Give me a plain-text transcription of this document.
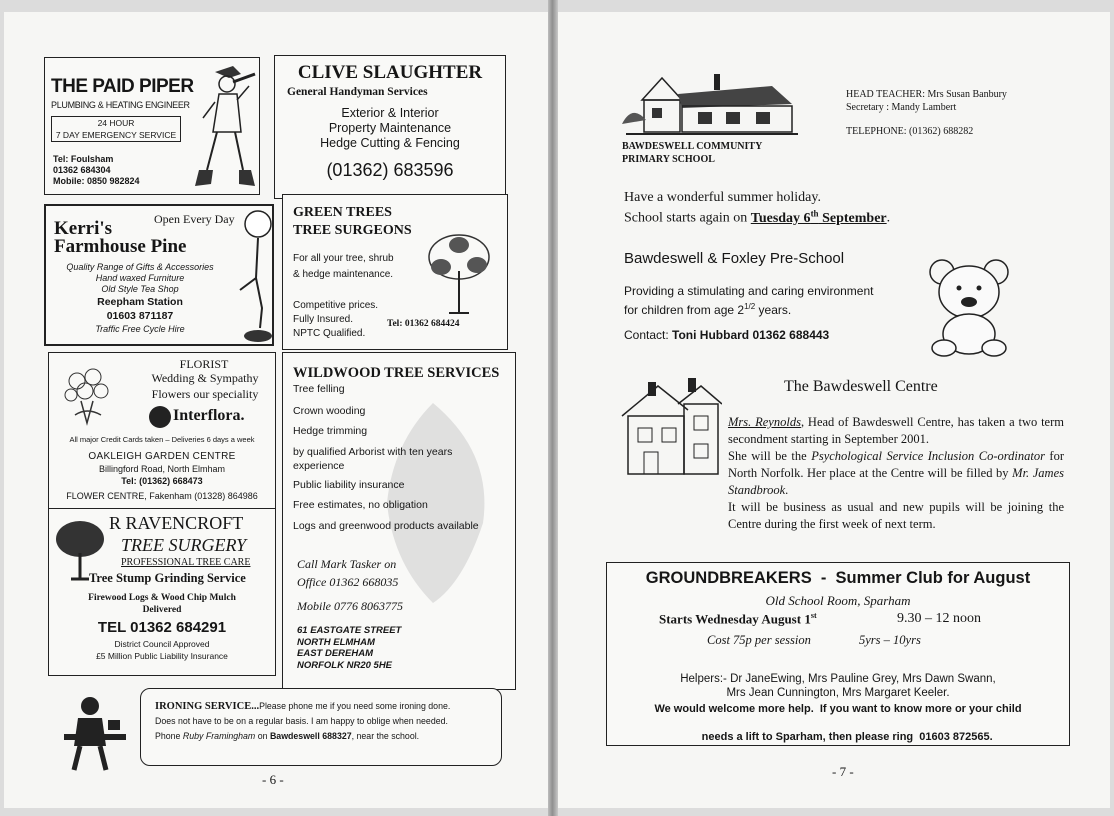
THE PAID PIPER
PLUMBING & HEATING ENGINEER
24 HOUR
7 DAY EMERGENCY SERVICE
Tel: Foulsham
01362 684304
Mobile: 0850 982824
CLIVE SLAUGHTER
General Handyman Services
Exterior & Interior
Property Maintenance
Hedge Cutting & Fencing
(01362) 683596
Open Every Day
Kerri's
Farmhouse Pine
Quality Range of Gifts & Accessories
Hand waxed Furniture
Old Style Tea Shop
Reepham Station
01603 871187
Traffic Free Cycle Hire
GREEN TREES
TREE SURGEONS
For all your tree, shrub
& hedge maintenance.
Competitive prices.
Fully Insured.
NPTC Qualified.
Tel: 01362 684424
FLORIST
Wedding & Sympathy
Flowers our speciality
Interflora.
All major Credit Cards taken – Deliveries 6 days a week
OAKLEIGH GARDEN CENTRE
Billingford Road, North Elmham
Tel: (01362) 668473
FLOWER CENTRE, Fakenham (01328) 864986
WILDWOOD TREE SERVICES
Tree felling
Crown wooding
Hedge trimming
by qualified Arborist with ten years experience
Public liability insurance
Free estimates, no obligation
Logs and greenwood products available
Call Mark Tasker on
Office 01362 668035
Mobile 0776 8063775
61 EASTGATE STREET
NORTH ELMHAM
EAST DEREHAM
NORFOLK NR20 5HE
R RAVENCROFT
TREE SURGERY
PROFESSIONAL TREE CARE
Tree Stump Grinding Service
Firewood Logs & Wood Chip Mulch
Delivered
TEL 01362 684291
District Council Approved
£5 Million Public Liability Insurance
IRONING SERVICE...Please phone me if you need some ironing done.
Does not have to be on a regular basis. I am happy to oblige when needed.
Phone Ruby Framingham on Bawdeswell 688327, near the school.
- 6 -
BAWDESWELL COMMUNITY
PRIMARY SCHOOL
HEAD TEACHER: Mrs Susan Banbury
Secretary : Mandy Lambert
TELEPHONE: (01362) 688282
Have a wonderful summer holiday.
School starts again on Tuesday 6th September.
Bawdeswell & Foxley Pre-School
Providing a stimulating and caring environment
for children from age $2^{1/2}$ years.
Contact: Toni Hubbard 01362 688443
The Bawdeswell Centre
Mrs. Reynolds, Head of Bawdeswell Centre, has taken a two term secondment starting in September 2001.
She will be the Psychological Service Inclusion Co-ordinator for North Norfolk. Her place at the Centre will be filled by Mr. James Standbrook.
It will be business as usual and new pupils will be joining the Centre during the first week of next term.
GROUNDBREAKERS  -  Summer Club for August
Old School Room, Sparham
Starts Wednesday August 1st	9.30 – 12 noon
Cost 75p per session	5yrs – 10yrs
Helpers:- Dr JaneEwing, Mrs Pauline Grey, Mrs Dawn Swann,
Mrs Jean Cunnington, Mrs Margaret Keeler.
We would welcome more help.  If you want to know more or your child

needs a lift to Sparham, then please ring  01603 872565.

- 7 -
